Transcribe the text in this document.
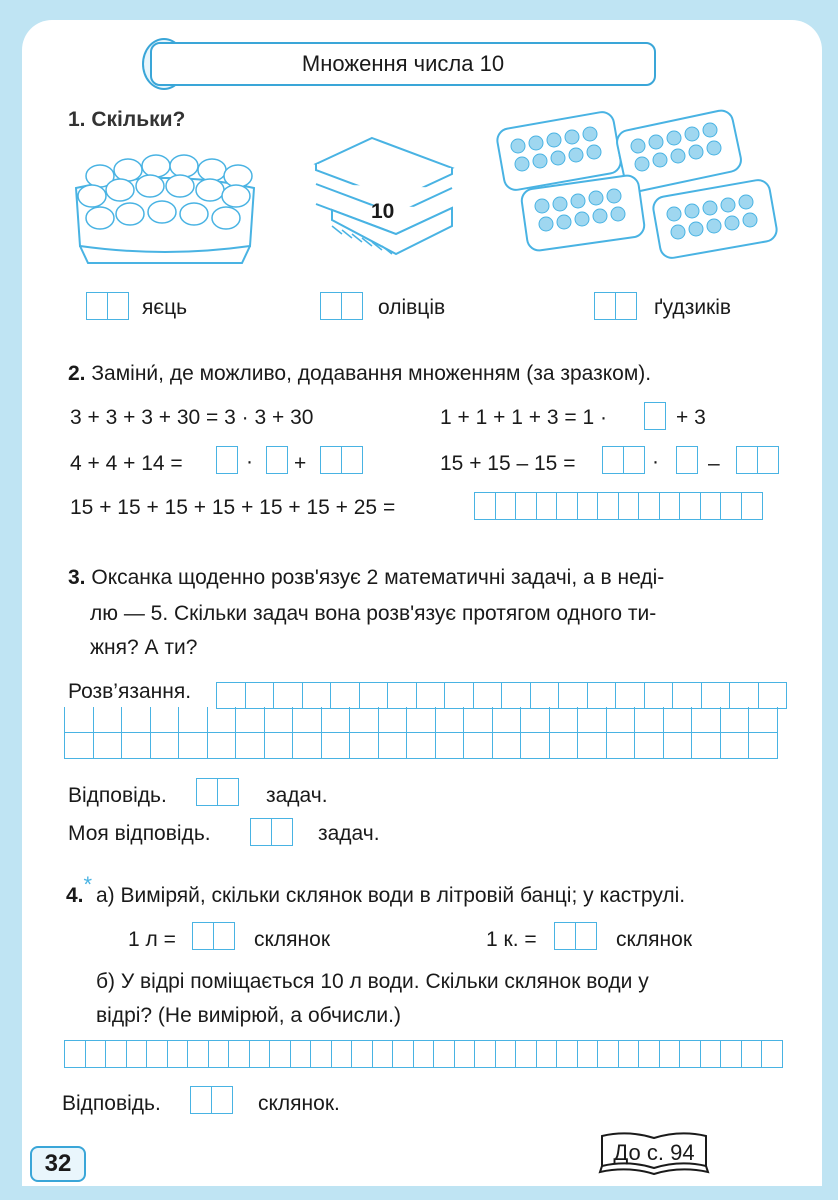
Множення числа 10
1. Скільки?
10
яєць	олівців	ґудзиків
2. Заміни́, де можливо, додавання множенням (за зразком).
3 + 3 + 3 + 30 = 3 · 3 + 30	1 + 1 + 1 + 3 = 1 ·	+ 3
4 + 4 + 14 =	· +	15 + 15 – 15 =	· –
15 + 15 + 15 + 15 + 15 + 15 + 25 =
3. Оксанка щоденно розв'язує 2 математичні задачі, а в неді-
лю — 5. Скільки задач вона розв'язує протягом одного ти-
жня? А ти?
Розв’язання.
Відповідь.	задач.
Моя відповідь.	задач.
4.* а) Виміряй, скільки склянок води в літровій банці; у каструлі.
1 л =	склянок	1 к. =	склянок
б) У відрі поміщається 10 л води. Скільки склянок води у
відрі? (Не вимірюй, а обчисли.)
Відповідь.	склянок.
32	До с. 94
